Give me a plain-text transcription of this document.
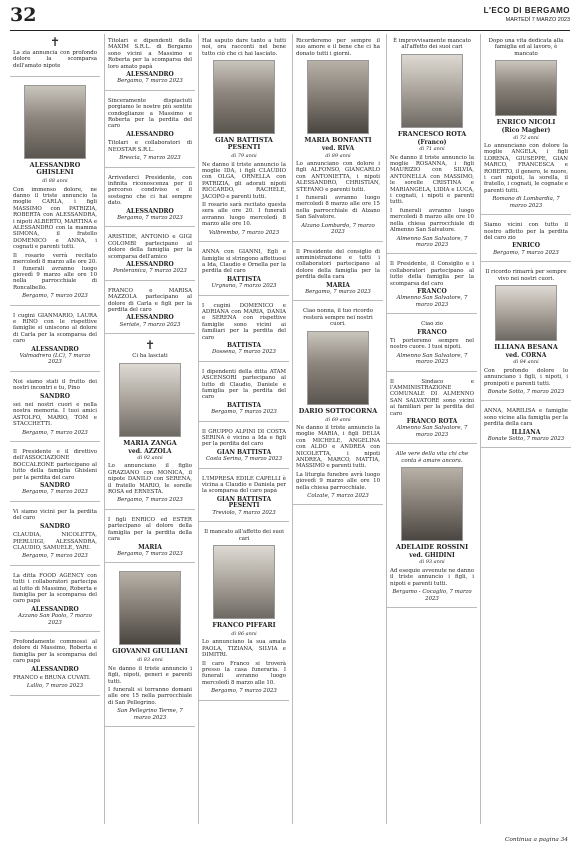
32	L'ECO DI BERGAMO
MARTEDÌ 7 MARZO 2023
✝
La zia annuncia con profondo dolore la scomparsa dell'amato nipote
ALESSANDRO GHISLENI
di 88 anni
Con immenso dolore, ne danno il triste annuncio la moglie CARLA, i figli MASSIMO con PATRIZIA, ROBERTA con ALESSANDRA, i nipoti ALBERTO, MARTINA e ALESSANDRO con la mamma SIMONA, il fratello DOMENICO e ANNA, i cognati e parenti tutti.
Il rosario verrà recitato mercoledì 8 marzo alle ore 20. I funerali avranno luogo giovedì 9 marzo alle ore 10 nella parrocchiale di Roncalbello.
Bergamo, 7 marzo 2023
I cugini GIANMARIO, LAURA e RINO con le rispettive famiglie si uniscono al dolore di Carla per la scomparsa del caro
ALESSANDRO
Valmadrera (LC), 7 marzo 2023
Noi siamo stati il frutto dei nostri incontri e tu, Pino
SANDRO
sei nei nostri cuori e nella nostra memoria. I tuoi amici ASTOLFO, MARIO, TOM e STACCHETTI.
Bergamo, 7 marzo 2023
Il Presidente e il direttivo dell'ASSOCIAZIONE BOCCALEONE partecipano al lutto della famiglia Ghisleni per la perdita del caro
SANDRO
Bergamo, 7 marzo 2023
Vi siamo vicini per la perdita del caro
SANDRO
CLAUDIA, NICOLETTA, PIERLUIGI, ALESSANDRA, CLAUDIO, SAMUELE, YARI.
Bergamo, 7 marzo 2023
La ditta FOOD AGENCY con tutti i collaboratori partecipa al lutto di Massimo, Roberta e famiglia per la scomparsa del caro papà
ALESSANDRO
Azzano San Paolo, 7 marzo 2023
Profondamente commossi al dolore di Massimo, Roberta e famiglia per la scomparsa del caro papà
ALESSANDRO
FRANCO e BRUNA CUVATI.
Lallio, 7 marzo 2023
Titolari e dipendenti della MAXIM S.R.L. di Bergamo sono vicini a Massimo e Roberta per la scomparsa del loro amato papà
ALESSANDRO
Bergamo, 7 marzo 2023
Sinceramente dispiaciuti porgiamo le nostre più sentite condoglianze a Massimo e Roberta per la perdita del caro
ALESSANDRO
Titolari e collaboratori di NEOSTAR S.R.L.
Brescia, 7 marzo 2023
Arrivederci Presidente, con infinita riconoscenza per il percorso condiviso e il sostegno che ci hai sempre dato.
ALESSANDRO
Bergamo, 7 marzo 2023
ARISTIDE, ANTONIO e GIGI COLOMBI partecipano al dolore della famiglia per la scomparsa dell'amico
ALESSANDRO
Ponteranica, 7 marzo 2023
FRANCO e MARISA MAZZOLA partecipano al dolore di Carla e figli per la perdita del caro
ALESSANDRO
Seriate, 7 marzo 2023
✝
Ci ha lasciati
MARIA ZANGA
ved. AZZOLA
di 92 anni
Lo annunciano il figlio GRAZIANO con MONICA, il nipote DANILO con SERENA, il fratello MARIO, le sorelle ROSA ed ERNESTA.
Bergamo, 7 marzo 2023
I figli ENRICO ed ESTER partecipano al dolore della famiglia per la perdita della cara
MARIA
Bergamo, 7 marzo 2023
GIOVANNI GIULIANI
di 83 anni
Ne danno il triste annuncio i figli, nipoti, generi e parenti tutti.
I funerali si terranno domani alle ore 15 nella parrocchiale di San Pellegrino.
San Pellegrino Terme, 7 marzo 2023
Hai saputo dare tanto a tutti noi, ora racconti nel bene tutto ciò che ci hai lasciato.
GIAN BATTISTA PESENTI
di 79 anni
Ne danno il triste annuncio la moglie IDA, i figli CLAUDIO con OLGA, ORNELLA con PATRIZIA, gli adorati nipoti RICCARDO, RACHELE, JACOPO e parenti tutti.
Il rosario sarà recitato questa sera alle ore 20. I funerali avranno luogo mercoledì 8 marzo alle ore 10.
Valbrembo, 7 marzo 2023
ANNA con GIANNI, Egli e famiglie si stringono affettuosi a Ida, Claudio e Ornella per la perdita del caro
BATTISTA
Urgnano, 7 marzo 2023
I cugini DOMENICO e ADRIANA con MARIA, DANIA e SERENA con rispettive famiglie sono vicini ai familiari per la perdita del caro
BATTISTA
Dossena, 7 marzo 2023
I dipendenti della ditta ATAM ASCENSORI partecipano al lutto di Claudio, Daniele e famiglia per la perdita del caro
BATTISTA
Bergamo, 7 marzo 2023
Il GRUPPO ALPINI DI COSTA SERINA è vicino a Ida e figli per la perdita del caro
GIAN BATTISTA
Costa Serina, 7 marzo 2023
L'IMPRESA EDILE CAPELLI è vicina a Claudio e Daniela per la scomparsa del caro papà
GIAN BATTISTA PESENTI
Treviolo, 7 marzo 2023
Il mancato all'affetto dei suoi cari
FRANCO PIFFARI
di 86 anni
Lo annunciano la sua amata PAOLA, TIZIANA, SILVIA e DIMITRI.
Il caro Franco si troverà presso la casa funeraria. I funerali avranno luogo mercoledì 8 marzo alle 10.
Bergamo, 7 marzo 2023
Ricorderemo per sempre il suo amore e il bene che ci ha donato tutti i giorni.
MARIA BONFANTI
ved. RIVA
di 89 anni
Lo annunciano con dolore i figli ALFONSO, GIANCARLO con ANTONIETTA, i nipoti ALESSANDRO, CHRISTIAN, STEFANO e parenti tutti.
I funerali avranno luogo mercoledì 8 marzo alle ore 15 nella parrocchiale di Alzano San Salvatore.
Alzano Lombardo, 7 marzo 2023
Il Presidente del consiglio di amministrazione e tutti i collaboratori partecipano al dolore della famiglia per la perdita della cara
MARIA
Bergamo, 7 marzo 2023
Ciao nonna, il tuo ricordo resterà sempre nei nostri cuori.
DARIO SOTTOCORNA
di 69 anni
Ne danno il triste annuncio la moglie MARIA, i figli DELIA con MICHELE, ANGELINA con ALDO e ANDREA con NICOLETTA, i nipoti ANDREA, MARCO, MATTIA, MASSIMO e parenti tutti.
La liturgia funebre avrà luogo giovedì 9 marzo alle ore 10 nella chiesa parrocchiale.
Colzate, 7 marzo 2023
È improvvisamente mancato all'affetto dei suoi cari
FRANCESCO ROTA
(Franco)
di 71 anni
Ne danno il triste annuncio la moglie ROSANNA, i figli MAURIZIO con SILVIA, ANTONELLA con MASSIMO, le sorelle CRISTINA e MARIANGELA, LIDIA e LUCA, i cognati, i nipoti e parenti tutti.
I funerali avranno luogo mercoledì 8 marzo alle ore 10 nella chiesa parrocchiale di Almenno San Salvatore.
Almenno San Salvatore, 7 marzo 2023
Il Presidente, il Consiglio e i collaboratori partecipano al lutto della famiglia per la scomparsa del caro
FRANCO
Almenno San Salvatore, 7 marzo 2023
Ciao zio
FRANCO
Ti porteremo sempre nel nostro cuore. I tuoi nipoti.
Almenno San Salvatore, 7 marzo 2023
Il Sindaco e l'AMMINISTRAZIONE COMUNALE DI ALMENNO SAN SALVATORE sono vicini ai familiari per la perdita del caro
FRANCO ROTA
Almenno San Salvatore, 7 marzo 2023
Alle vere della vita chi che conta è amare ancora.
ADELAIDE ROSSINI
ved. GHIDINI
di 93 anni
Ad esequie avvenute ne danno il triste annuncio i figli, i nipoti e parenti tutti.
Bergamo - Cocaglio, 7 marzo 2023
Dopo una vita dedicata alla famiglia ed al lavoro, è mancato
ENRICO NICOLI
(Rico Magher)
di 72 anni
Lo annunciano con dolore la moglie ANGELA, i figli LORENA, GIUSEPPE, GIAN MARCO, FRANCESCA e ROBERTO, il genero, le nuore, i cari nipoti, la sorella, il fratello, i cognati, le cognate e parenti tutti.
Romano di Lombardia, 7 marzo 2023
Siamo vicini con tutto il nostro affetto per la perdita del caro zio
ENRICO
Bergamo, 7 marzo 2023
Il ricordo rimarrà per sempre vivo nei nostri cuori.
ILLIANA BESANA
ved. CORNA
di 84 anni
Con profondo dolore lo annunciano i figli, i nipoti, i pronipoti e parenti tutti.
Bonate Sotto, 7 marzo 2023
ANNA, MARILISA e famiglie sono vicine alla famiglia per la perdita della cara
ILLIANA
Bonate Sotto, 7 marzo 2023
Continua a pagina 34
